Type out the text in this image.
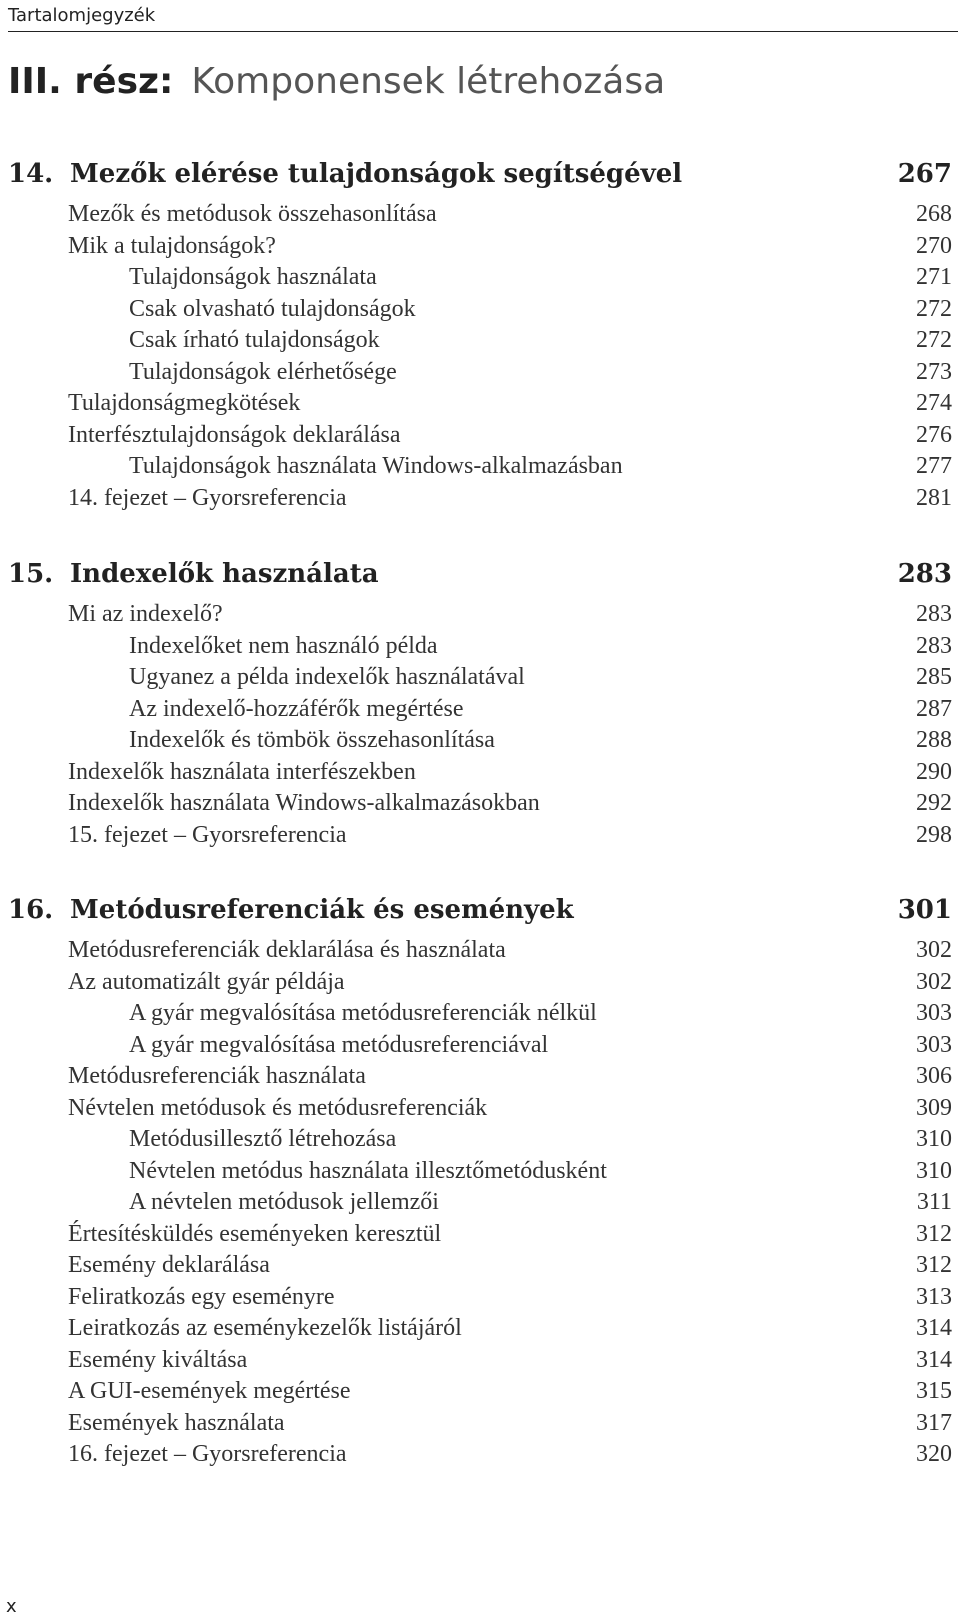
Tartalomjegyzék
III. rész: Komponensek létrehozása
14. Mezők elérése tulajdonságok segítségével	267
Mezők és metódusok összehasonlítása	268
Mik a tulajdonságok?	270
Tulajdonságok használata	271
Csak olvasható tulajdonságok	272
Csak írható tulajdonságok	272
Tulajdonságok elérhetősége	273
Tulajdonságmegkötések	274
Interfésztulajdonságok deklarálása	276
Tulajdonságok használata Windows-alkalmazásban	277
14. fejezet – Gyorsreferencia	281
15. Indexelők használata	283
Mi az indexelő?	283
Indexelőket nem használó példa	283
Ugyanez a példa indexelők használatával	285
Az indexelő-hozzáférők megértése	287
Indexelők és tömbök összehasonlítása	288
Indexelők használata interfészekben	290
Indexelők használata Windows-alkalmazásokban	292
15. fejezet – Gyorsreferencia	298
16. Metódusreferenciák és események	301
Metódusreferenciák deklarálása és használata	302
Az automatizált gyár példája	302
A gyár megvalósítása metódusreferenciák nélkül	303
A gyár megvalósítása metódusreferenciával	303
Metódusreferenciák használata	306
Névtelen metódusok és metódusreferenciák	309
Metódusillesztő létrehozása	310
Névtelen metódus használata illesztőmetódusként	310
A névtelen metódusok jellemzői	311
Értesítésküldés eseményeken keresztül	312
Esemény deklarálása	312
Feliratkozás egy eseményre	313
Leiratkozás az eseménykezelők listájáról	314
Esemény kiváltása	314
A GUI-események megértése	315
Események használata	317
16. fejezet – Gyorsreferencia	320
x
